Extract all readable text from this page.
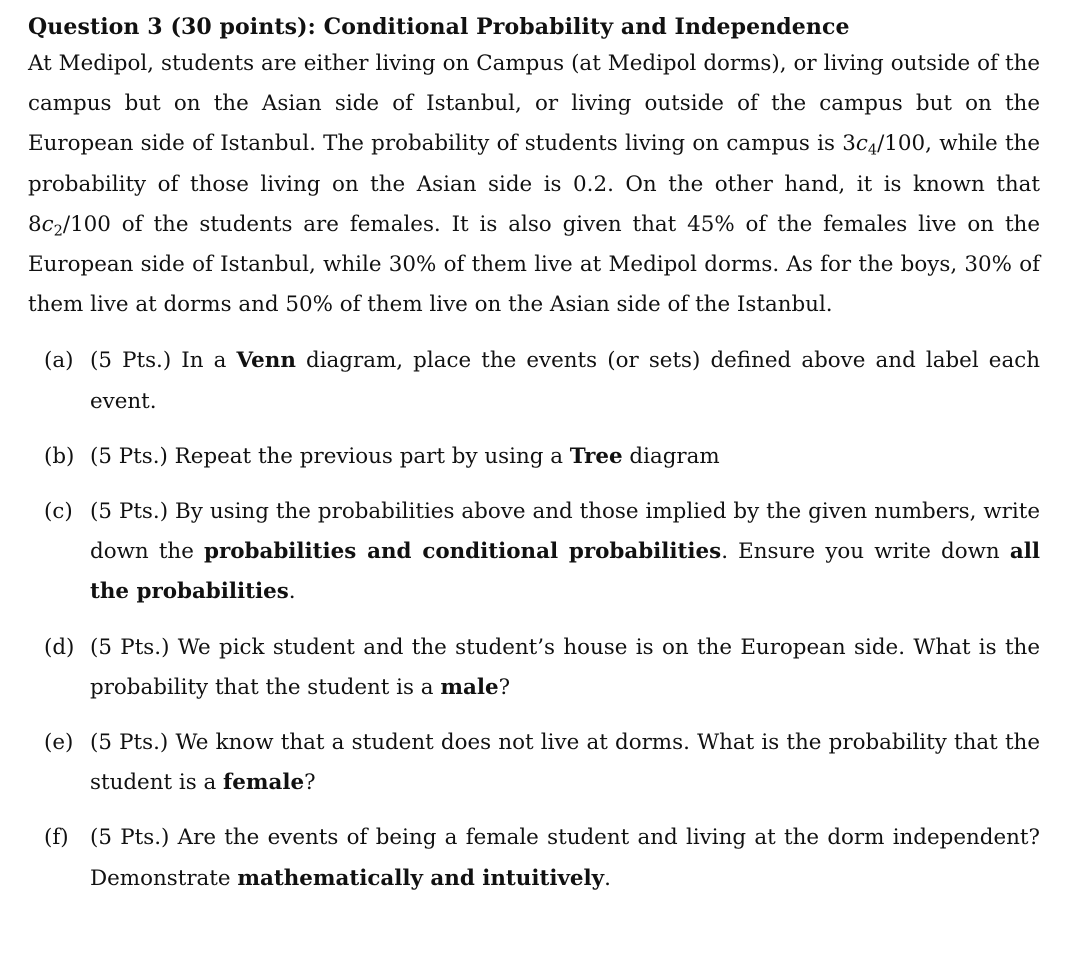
Question 3 (30 points): Conditional Probability and Independence

At Medipol, students are either living on Campus (at Medipol dorms), or living outside of the campus but on the Asian side of Istanbul, or living outside of the campus but on the European side of Istanbul. The probability of students living on campus is $3c_4/100$, while the probability of those living on the Asian side is 0.2. On the other hand, it is known that $8c_2/100$ of the students are females. It is also given that 45% of the females live on the European side of Istanbul, while 30% of them live at Medipol dorms. As for the boys, 30% of them live at dorms and 50% of them live on the Asian side of the Istanbul.

(a) (5 Pts.) In a Venn diagram, place the events (or sets) defined above and label each event.
(b) (5 Pts.) Repeat the previous part by using a Tree diagram
(c) (5 Pts.) By using the probabilities above and those implied by the given numbers, write down the probabilities and conditional probabilities. Ensure you write down all the probabilities.
(d) (5 Pts.) We pick student and the student’s house is on the European side. What is the probability that the student is a male?
(e) (5 Pts.) We know that a student does not live at dorms. What is the probability that the student is a female?
(f) (5 Pts.) Are the events of being a female student and living at the dorm independent? Demonstrate mathematically and intuitively.
